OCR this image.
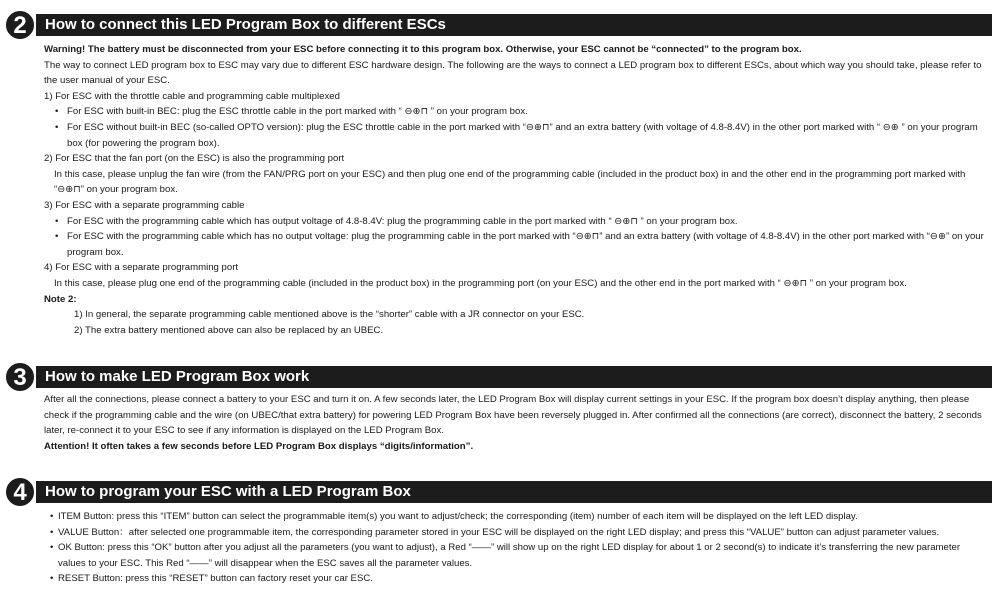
2	How to connect this LED Program Box to different ESCs

Warning! The battery must be disconnected from your ESC before connecting it to this program box. Otherwise, your ESC cannot be “connected” to the program box.

The way to connect LED program box to ESC may vary due to different ESC hardware design. The following are the ways to connect a LED program box to different ESCs, about which way you should take, please refer to the user manual of your ESC.

1) For ESC with the throttle cable and programming cable multiplexed

• For ESC with built-in BEC: plug the ESC throttle cable in the port marked with “ ⊖⊕⊓ ” on your program box.

• For ESC without built-in BEC (so-called OPTO version): plug the ESC throttle cable in the port marked with “⊖⊕⊓” and an extra battery (with voltage of 4.8-8.4V) in the other port marked with “ ⊖⊕ ” on your program box (for powering the program box).

2) For ESC that the fan port (on the ESC) is also the programming port

In this case, please unplug the fan wire (from the FAN/PRG port on your ESC) and then plug one end of the programming cable (included in the product box) in and the other end in the programming port marked with “⊖⊕⊓” on your program box.

3) For ESC with a separate programming cable

• For ESC with the programming cable which has output voltage of 4.8-8.4V: plug the programming cable in the port marked with “ ⊖⊕⊓ ” on your program box.

• For ESC with the programming cable which has no output voltage: plug the programming cable in the port marked with “⊖⊕⊓” and an extra battery (with voltage of 4.8-8.4V) in the other port marked with “⊖⊕” on your program box.

4) For ESC with a separate programming port

In this case, please plug one end of the programming cable (included in the product box) in the programming port (on your ESC) and the other end in the port marked with “ ⊖⊕⊓ ” on your program box.

Note 2:

1) In general, the separate programming cable mentioned above is the “shorter” cable with a JR connector on your ESC.

2) The extra battery mentioned above can also be replaced by an UBEC.

3	How to make LED Program Box work

After all the connections, please connect a battery to your ESC and turn it on. A few seconds later, the LED Program Box will display current settings in your ESC. If the program box doesn’t display anything, then please check if the programming cable and the wire (on UBEC/that extra battery) for powering LED Program Box have been reversely plugged in. After confirmed all the connections (are correct), disconnect the battery, 2 seconds later, re-connect it to your ESC to see if any information is displayed on the LED Program Box.

Attention! It often takes a few seconds before LED Program Box displays “digits/information”.

4	How to program your ESC with a LED Program Box

• ITEM Button: press this “ITEM” button can select the programmable item(s) you want to adjust/check; the corresponding (item) number of each item will be displayed on the left LED display.

• VALUE Button：after selected one programmable item, the corresponding parameter stored in your ESC will be displayed on the right LED display; and press this “VALUE” button can adjust parameter values.

• OK Button: press this “OK” button after you adjust all the parameters (you want to adjust), a Red “——” will show up on the right LED display for about 1 or 2 second(s) to indicate it’s transferring the new parameter values to your ESC. This Red “——” will disappear when the ESC saves all the parameter values.

• RESET Button: press this “RESET” button can factory reset your car ESC.
